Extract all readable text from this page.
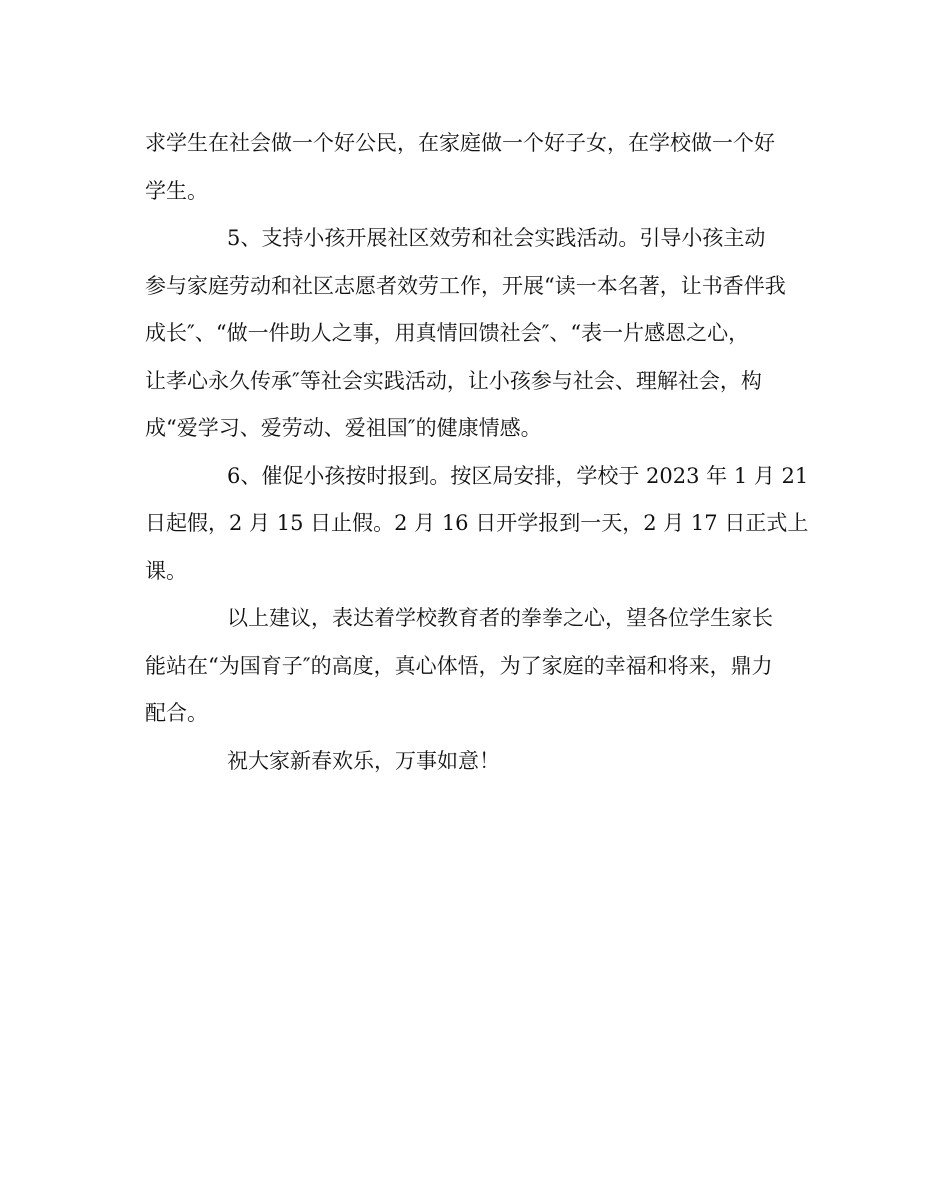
求学生在社会做一个好公民，在家庭做一个好子女，在学校做一个好
学生。
5、支持小孩开展社区效劳和社会实践活动。引导小孩主动
参与家庭劳动和社区志愿者效劳工作，开展“读一本名著，让书香伴我
成长″、“做一件助人之事，用真情回馈社会″、“表一片感恩之心，
让孝心永久传承″等社会实践活动，让小孩参与社会、理解社会，构
成“爱学习、爱劳动、爱祖国″的健康情感。
6、催促小孩按时报到。按区局安排，学校于 2023 年 1 月 21
日起假，2 月 15 日止假。2 月 16 日开学报到一天，2 月 17 日正式上
课。
以上建议，表达着学校教育者的拳拳之心，望各位学生家长
能站在“为国育子″的高度，真心体悟，为了家庭的幸福和将来，鼎力
配合。
祝大家新春欢乐，万事如意！
